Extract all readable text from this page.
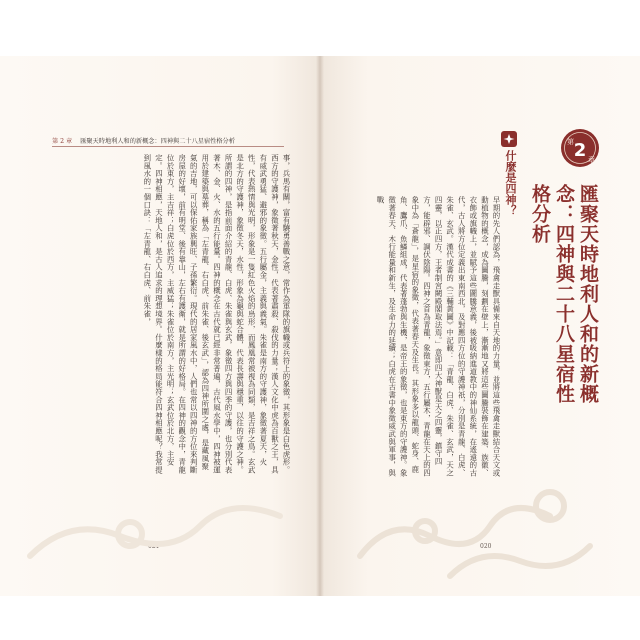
第 2 章 匯聚天時地利人和的新概念：四神與二十八星宿性格分析
事，兵馬有關，富有驍勇善戰之意，常作為軍隊的旗幟或兵符上的象徵，其形象是白色虎形。西方的守護神，象徵著秋天，金性，代表著肅殺、殺伐的力量；漢人文化中虎為百獸之王，具有威武勇猛、避邪的象徵。五行屬金，主義與義氣。朱雀是南方的守護神，象徵著夏天，火性，代表熱情與光明，形象是一隻紅色火焰的鳥形，而鳳凰常被視為同類，是吉祥之鳥。玄武是北方的守護神，象徵冬天，水性，形象為龜與蛇合體，代表長壽與穩重，以往的守護之神。所謂的四神，是指前面介紹的青龍、白虎、朱雀與玄武，象徵四方與四季的守護，也分別代表著木、金、火、水的五行能量。四神的概念在古代就已經非常普遍，古代風水學中，四神被運用於建築與墓葬，稱為「左青龍、右白虎、前朱雀、後玄武」，認為四神所圍之處，是藏風聚氣的吉地，可以保佑家族興旺、子孫繁衍。現代的居家風水中，人們也常以四神的方位來判斷房屋的好壞，前有明堂、後有靠山，左右有護衛，就是所謂的好格局。在四神的觀念中，青龍位於東方，主吉祥；白虎位於西方，主威猛；朱雀位於南方，主光明；玄武位於北方，主安定。四神相應，天地人和，是古人追求的理想境界。什麼樣的格局能符合四神相應呢？我常提到風水的一個口訣：「左青龍、右白虎、前朱雀，
021
早期的先人們認為，飛禽走獸具備來自天地的力量，並將這些飛禽走獸結合天文或動植物的概念，成為圖騰，刻劃在壁上，漸漸地又將這些圖騰裝飾在建築、族徽、衣飾或旗幟上，並賦予這些圖騰意義，後被吸納進道教中的神仙系統，在遙遠的古代，古人將方位定義出東南西北，及對應四方位的守護神祇，分別是青龍、白虎、朱雀、玄武。漢代成書的《三輔黃圖》中記載：「青龍、白虎、朱雀、玄武，天之四靈，以正四方，王者制宮闕殿閣取法焉。」意即四大神獸是天之四靈，鎮守四方，能辟邪、調伏陰陽。四神之首為青龍，象徵東方，五行屬木，青龍在天上的四象中為「蒼龍」，是星宿的象徵，代表著春天及生長。其形象多以龍頭、蛇身、鹿角、鷹爪、魚鱗組成，代表著蓬勃與生機，是帝王的象徵，也是東方的守護神。象徵著春天、木行能量和新生，及生命力的延續；白虎在古書中象徵威武與軍事，與戰
020
第 2 章
匯聚天時地利人和的新概念：四神與二十八星宿性格分析
什麼是四神？
